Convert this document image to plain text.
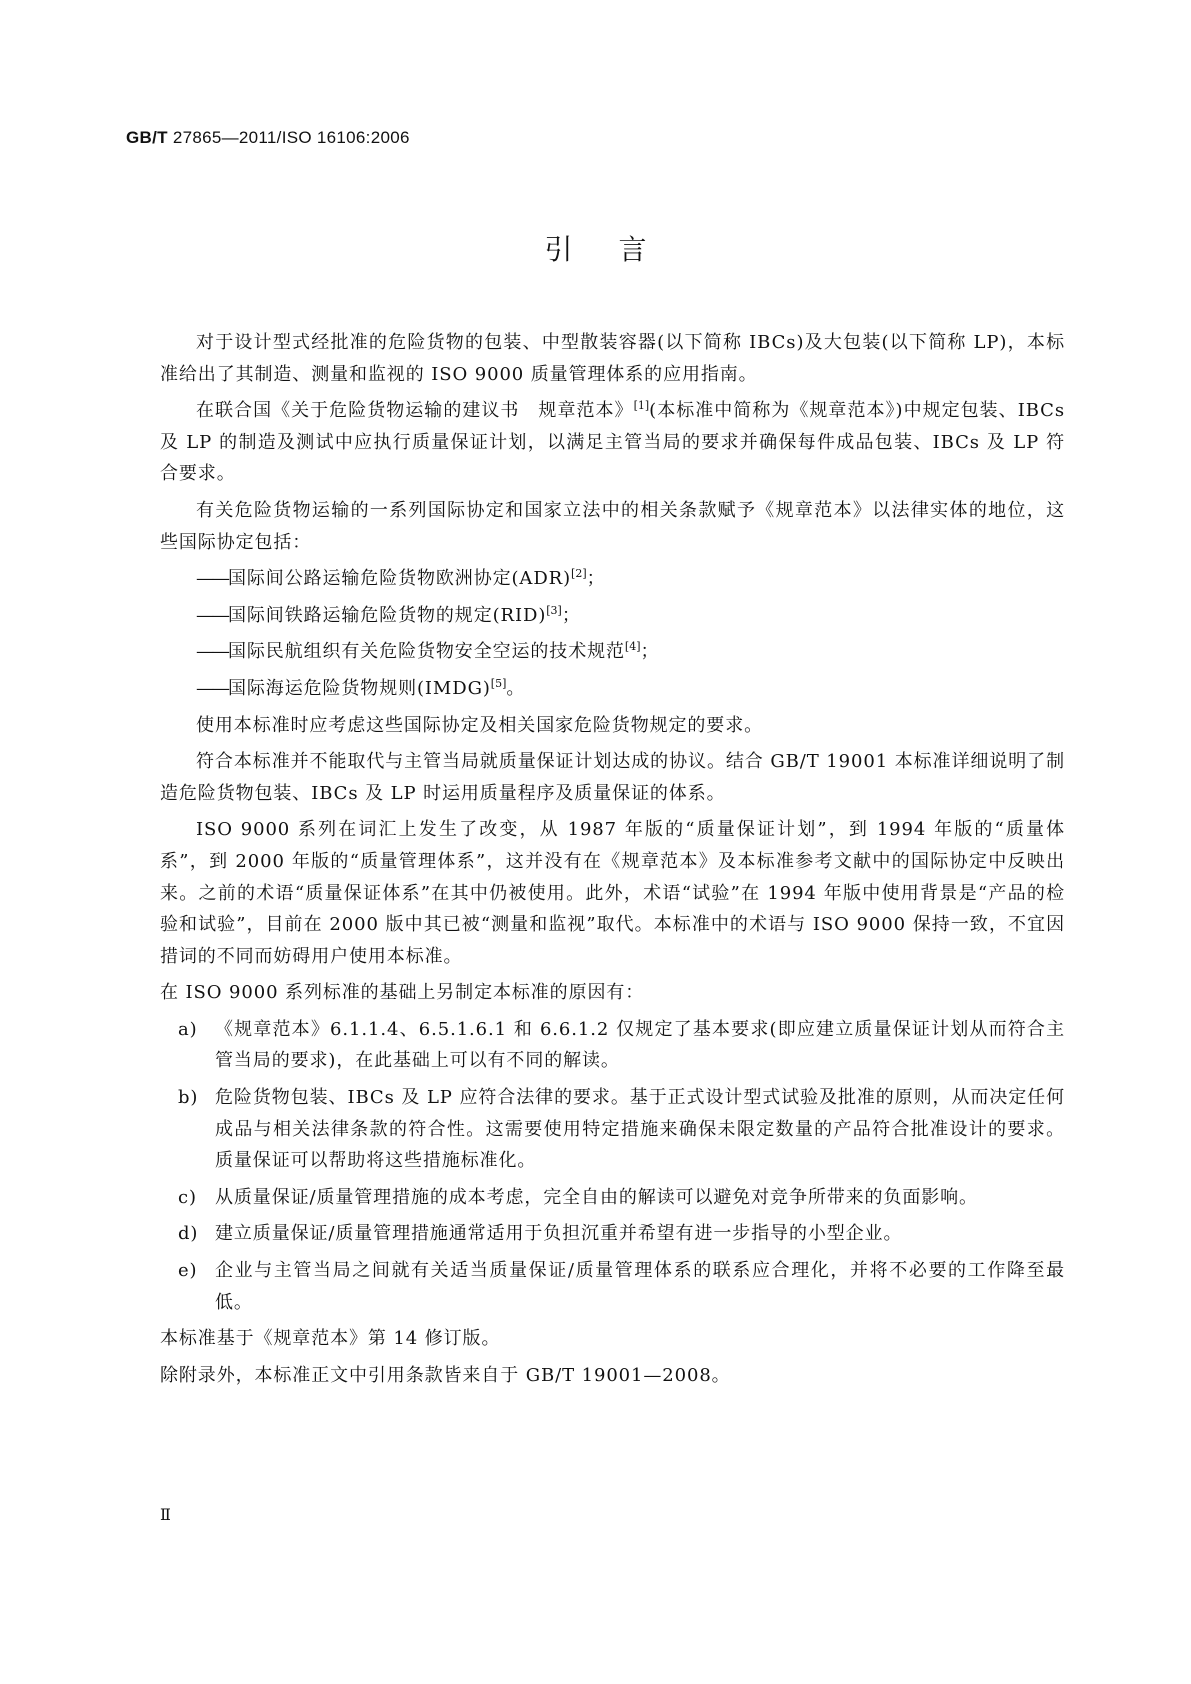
GB/T 27865—2011/ISO 16106:2006
引言

对于设计型式经批准的危险货物的包装、中型散装容器(以下简称 IBCs)及大包装(以下简称 LP)，本标准给出了其制造、测量和监视的 ISO 9000 质量管理体系的应用指南。

在联合国《关于危险货物运输的建议书　规章范本》[1](本标准中简称为《规章范本》)中规定包装、IBCs 及 LP 的制造及测试中应执行质量保证计划，以满足主管当局的要求并确保每件成品包装、IBCs 及 LP 符合要求。

有关危险货物运输的一系列国际协定和国家立法中的相关条款赋予《规章范本》以法律实体的地位，这些国际协定包括：

——国际间公路运输危险货物欧洲协定(ADR)[2]；

——国际间铁路运输危险货物的规定(RID)[3]；

——国际民航组织有关危险货物安全空运的技术规范[4]；

——国际海运危险货物规则(IMDG)[5]。

使用本标准时应考虑这些国际协定及相关国家危险货物规定的要求。

符合本标准并不能取代与主管当局就质量保证计划达成的协议。结合 GB/T 19001 本标准详细说明了制造危险货物包装、IBCs 及 LP 时运用质量程序及质量保证的体系。

ISO 9000 系列在词汇上发生了改变，从 1987 年版的“质量保证计划”，到 1994 年版的“质量体系”，到 2000 年版的“质量管理体系”，这并没有在《规章范本》及本标准参考文献中的国际协定中反映出来。之前的术语“质量保证体系”在其中仍被使用。此外，术语“试验”在 1994 年版中使用背景是“产品的检验和试验”，目前在 2000 版中其已被“测量和监视”取代。本标准中的术语与 ISO 9000 保持一致，不宜因措词的不同而妨碍用户使用本标准。

在 ISO 9000 系列标准的基础上另制定本标准的原因有：

a) 《规章范本》6.1.1.4、6.5.1.6.1 和 6.6.1.2 仅规定了基本要求(即应建立质量保证计划从而符合主管当局的要求)，在此基础上可以有不同的解读。
b) 危险货物包装、IBCs 及 LP 应符合法律的要求。基于正式设计型式试验及批准的原则，从而决定任何成品与相关法律条款的符合性。这需要使用特定措施来确保未限定数量的产品符合批准设计的要求。质量保证可以帮助将这些措施标准化。
c)	从质量保证/质量管理措施的成本考虑，完全自由的解读可以避免对竞争所带来的负面影响。
d) 建立质量保证/质量管理措施通常适用于负担沉重并希望有进一步指导的小型企业。
e) 企业与主管当局之间就有关适当质量保证/质量管理体系的联系应合理化，并将不必要的工作降至最低。

本标准基于《规章范本》第 14 修订版。

除附录外，本标准正文中引用条款皆来自于 GB/T 19001—2008。

Ⅱ
